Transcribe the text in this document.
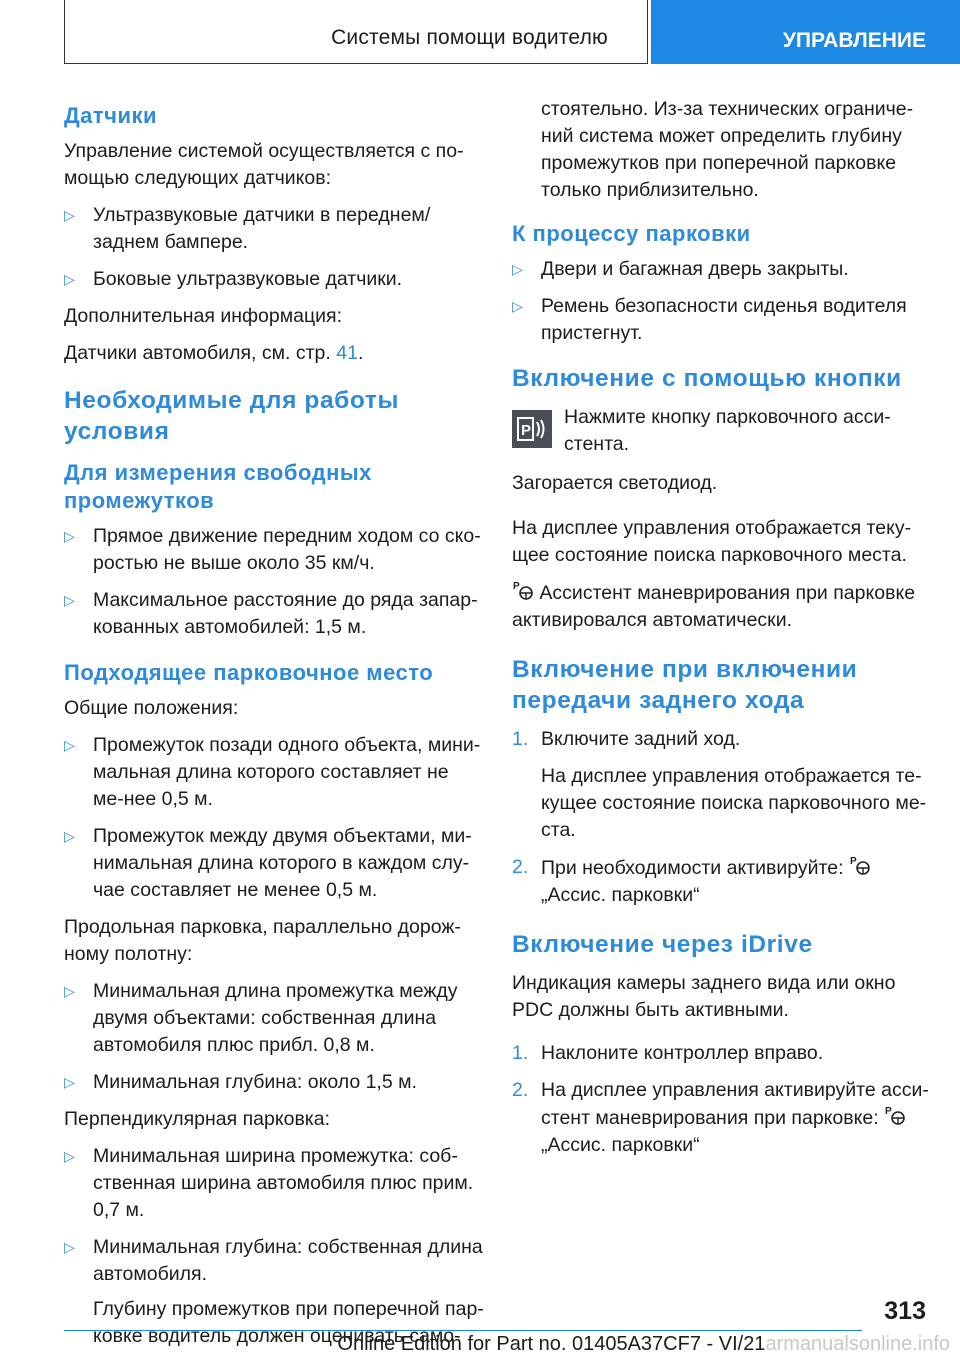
Системы помощи водителю	УПРАВЛЕНИЕ
Датчики

Управление системой осуществляется с по-мощью следующих датчиков:

▷ Ультразвуковые датчики в переднем/ заднем бампере.
▷ Боковые ультразвуковые датчики.

Дополнительная информация:

Датчики автомобиля, см. стр. 41.

Необходимые для работы условия
Для измерения свободных промежутков
▷ Прямое движение передним ходом со ско-ростью не выше около 35 км/ч.
▷ Максимальное расстояние до ряда запар-кованных автомобилей: 1,5 м.
Подходящее парковочное место

Общие положения:

▷ Промежуток позади одного объекта, мини-мальная длина которого составляет не ме-нее 0,5 м.
▷ Промежуток между двумя объектами, ми-нимальная длина которого в каждом слу-чае составляет не менее 0,5 м.

Продольная парковка, параллельно дорож-ному полотну:

▷ Минимальная длина промежутка между двумя объектами: собственная длина автомобиля плюс прибл. 0,8 м.
▷ Минимальная глубина: около 1,5 м.

Перпендикулярная парковка:

▷ Минимальная ширина промежутка: соб-ственная ширина автомобиля плюс прим. 0,7 м.
▷ Минимальная глубина: собственная длина автомобиля.
Глубину промежутков при поперечной пар-ковке водитель должен оценивать само-
стоятельно. Из-за технических ограниче-ний система может определить глубину промежутков при поперечной парковке только приблизительно.
К процессу парковки
▷ Двери и багажная дверь закрыты.
▷ Ремень безопасности сиденья водителя пристегнут.
Включение с помощью кнопки
P
Нажмите кнопку парковочного асси-стента.

Загорается светодиод.

На дисплее управления отображается теку-щее состояние поиска парковочного места.

P Ассистент маневрирования при парковке активировался автоматически.

Включение при включении передачи заднего хода
1. Включите задний ход.
На дисплее управления отображается те-кущее состояние поиска парковочного ме-ста.
2. При необходимости активируйте: P

„Ассис. парковки“
Включение через iDrive

Индикация камеры заднего вида или окно PDC должны быть активными.

1. Наклоните контроллер вправо.
2. На дисплее управления активируйте асси-стент маневрирования при парковке: P

„Ассис. парковки“
313
Online Edition for Part no. 01405A37CF7 - VI/21armanualsonline.info
